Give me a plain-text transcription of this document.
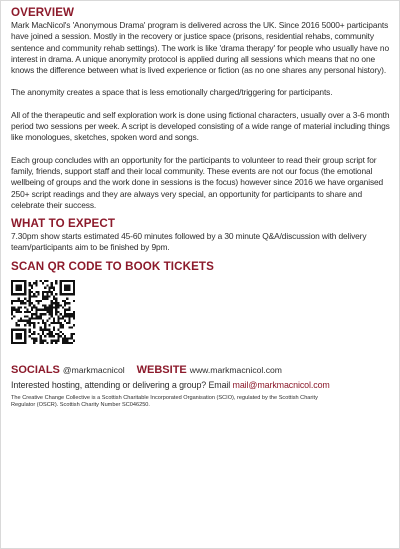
OVERVIEW

Mark MacNicol's 'Anonymous Drama' program is delivered across the UK. Since 2016 5000+ participants have joined a session. Mostly in the recovery or justice space (prisons, residential rehabs, community sentence and community rehab settings). The work is like 'drama therapy' for people who usually have no interest in drama. A unique anonymity protocol is applied during all sessions which means that no one knows the difference between what is lived experience or fiction (as no one shares any personal history).

The anonymity creates a space that is less emotionally charged/triggering for participants.

All of the therapeutic and self exploration work is done using fictional characters, usually over a 3-6 month period two sessions per week. A script is developed consisting of a wide range of material including things like monologues, sketches, spoken word and songs.

Each group concludes with an opportunity for the participants to volunteer to read their group script for family, friends, support staff and their local community. These events are not our focus (the emotional wellbeing of groups and the work done in sessions is the focus) however since 2016 we have organised 250+ script readings and they are always very special, an opportunity for participants to share and celebrate their success.

WHAT TO EXPECT

7.30pm show starts estimated 45-60 minutes followed by a 30 minute Q&A/discussion with delivery team/participants aim to be finished by 9pm.

SCAN QR CODE TO BOOK TICKETS
SOCIALS @markmacnicol WEBSITE www.markmacnicol.com
Interested hosting, attending or delivering a group? Email mail@markmacnicol.com
The Creative Change Collective is a Scottish Charitable Incorporated Organisation (SCIO), regulated by the Scottish Charity Regulator (OSCR). Scottish Charity Number SC046250.
